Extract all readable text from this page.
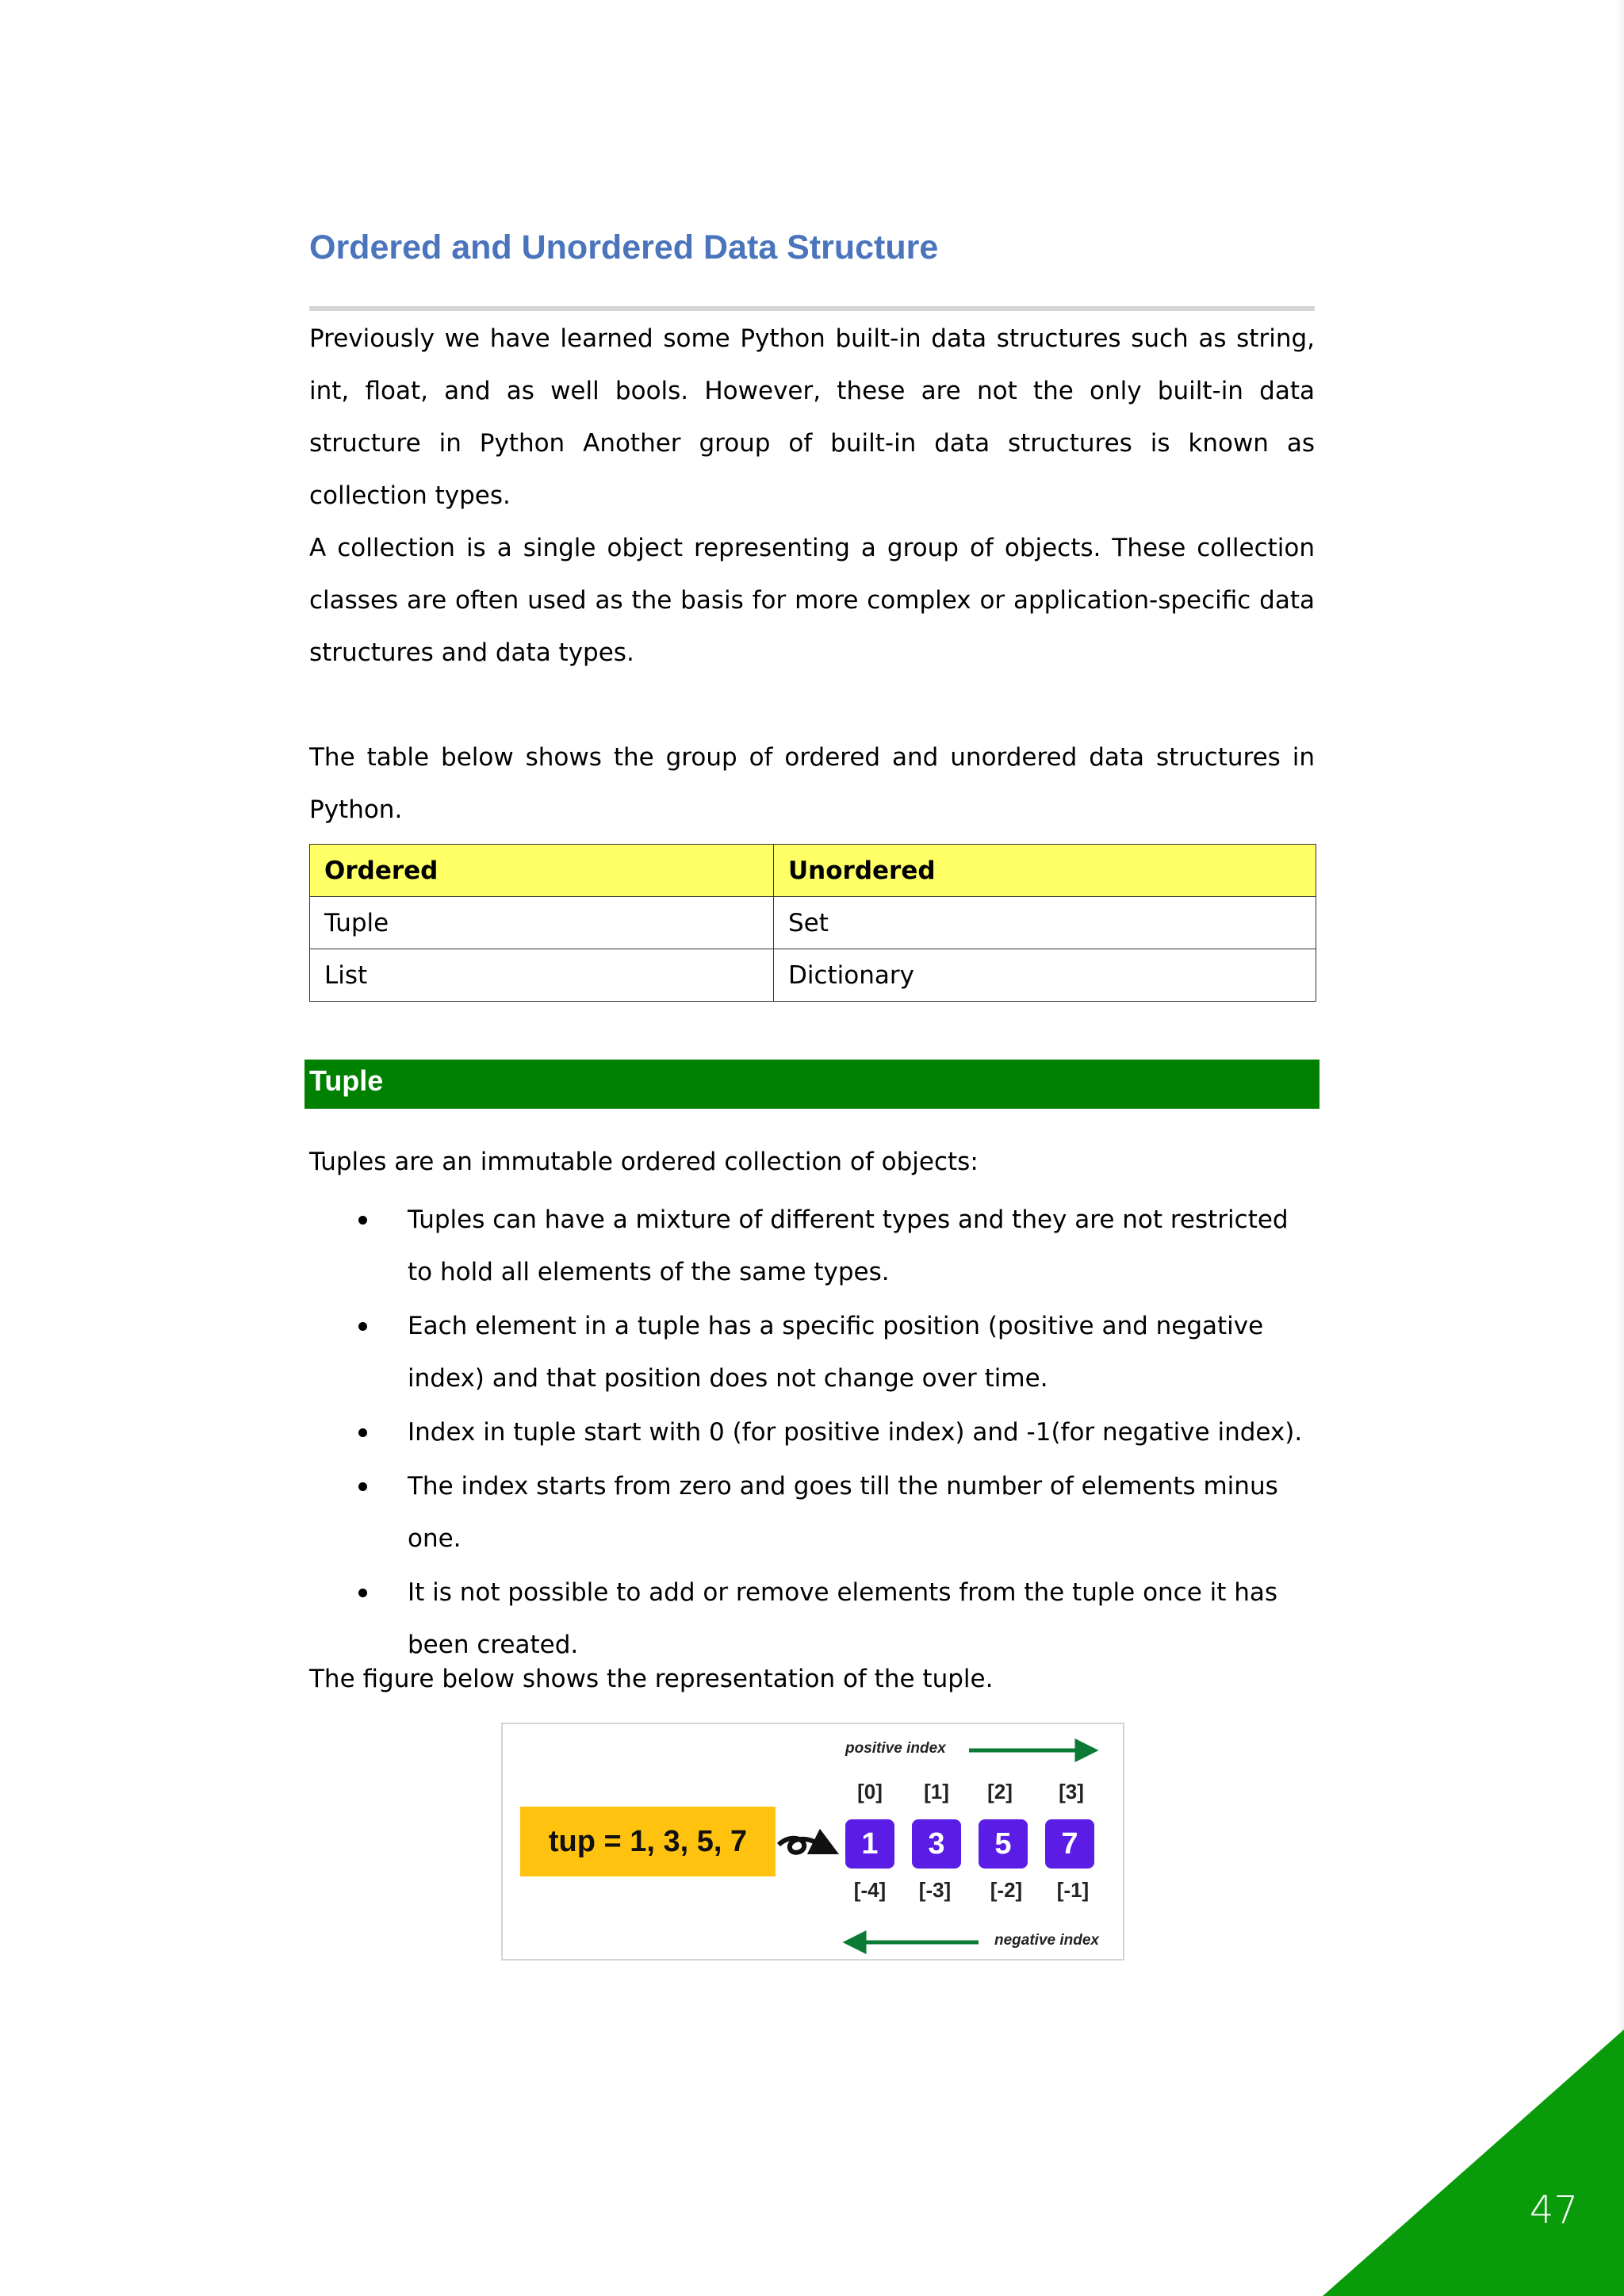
Ordered and Unordered Data Structure

Previously we have learned some Python built-in data structures such as string, int, float, and as well bools. However, these are not the only built-in data structure in Python Another group of built-in data structures is known as collection types.

A collection is a single object representing a group of objects. These collection classes are often used as the basis for more complex or application-specific data structures and data types.

The table below shows the group of ordered and unordered data structures in Python.

Ordered	Unordered
Tuple	Set
List	Dictionary
Tuple

Tuples are an immutable ordered collection of objects:

Tuples can have a mixture of different types and they are not restricted to hold all elements of the same types.
Each element in a tuple has a specific position (positive and negative index) and that position does not change over time.
Index in tuple start with 0 (for positive index) and -1(for negative index).
The index starts from zero and goes till the number of elements minus one.
It is not possible to add or remove elements from the tuple once it has been created.

The figure below shows the representation of the tuple.

tup = 1, 3, 5, 7
positive index
negative index
[0]	[1]	[2]	[3]
1	3	5	7
[-4]	[-3]	[-2]	[-1]
47
